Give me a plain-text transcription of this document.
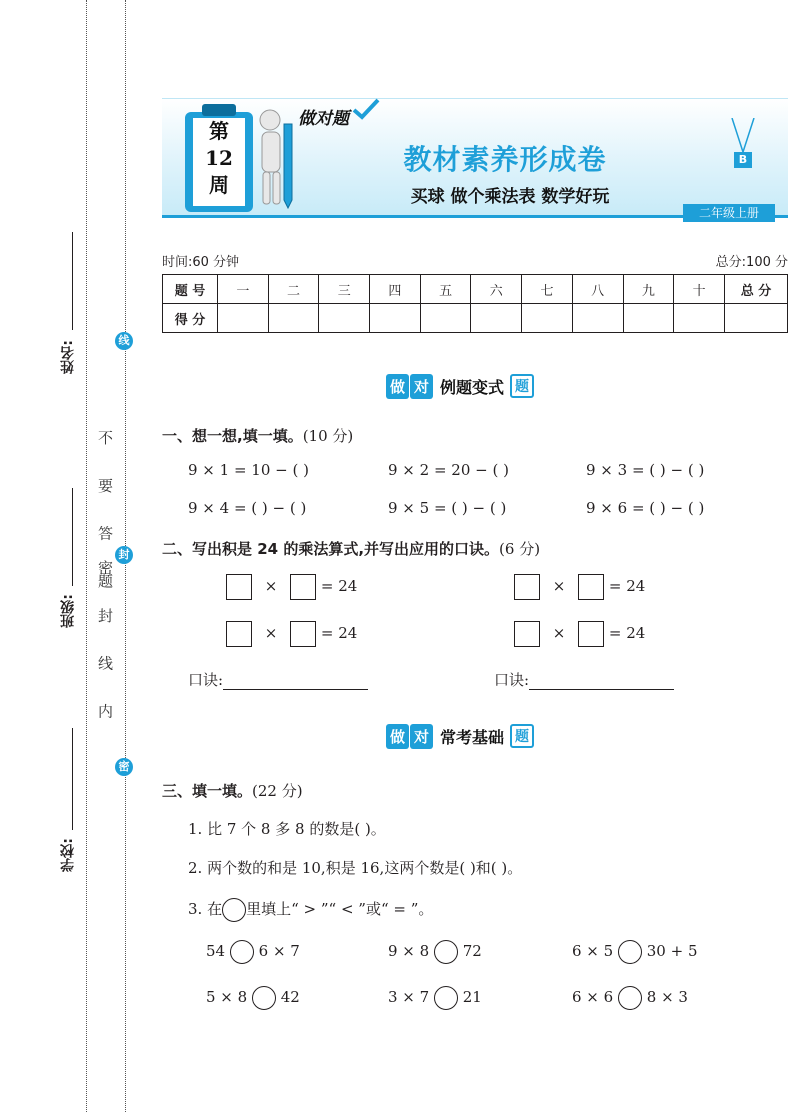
姓名:
班级:
学校:
不 要 答 题
密 封 线 内
线
封
密
第
12
周
做对题
教材素养形成卷
买球 做个乘法表 数学好玩
B
二年级上册
时间:60 分钟	总分:100 分
题 号	一	二	三	四	五	六	七	八	九	十	总 分
得 分											
做 对 例题变式 题
一、想一想,填一填。(10 分)
9 × 1 = 10 − ( )	9 × 2 = 20 − ( )	9 × 3 = ( ) − ( )
9 × 4 = ( ) − ( )	9 × 5 = ( ) − ( )	9 × 6 = ( ) − ( )
二、写出积是 24 的乘法算式,并写出应用的口诀。(6 分)
×	= 24	×	= 24
×	= 24	×	= 24
口诀:	口诀:
做 对 常考基础 题
三、填一填。(22 分)
1. 比 7 个 8 多 8 的数是( )。
2. 两个数的和是 10,积是 16,这两个数是( )和( )。
3. 在 里填上“ > ”“ < ”或“ = ”。
54 6 × 7	9 × 8 72	6 × 5 30 + 5
5 × 8 42	3 × 7 21	6 × 6 8 × 3
